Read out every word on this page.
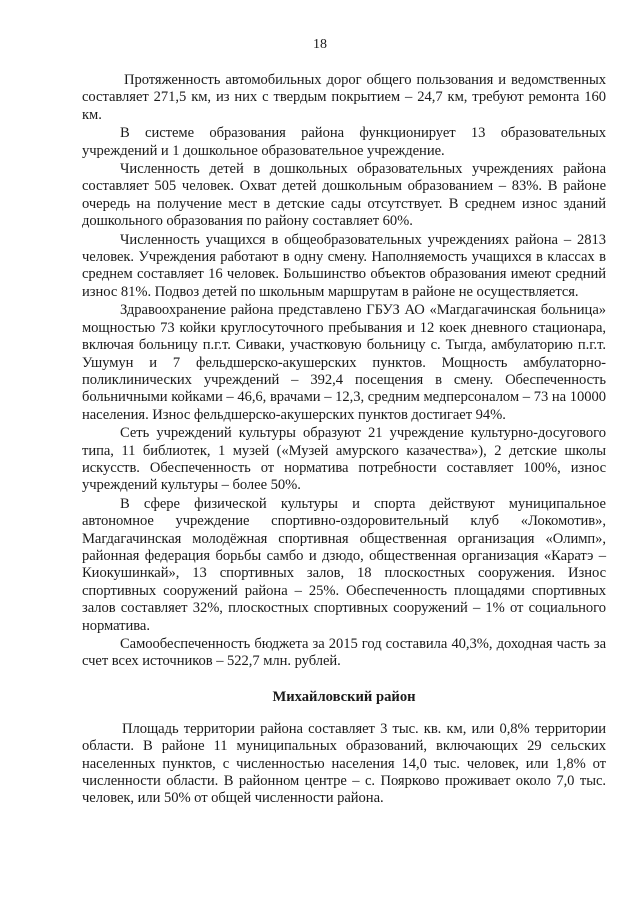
18

Протяженность автомобильных дорог общего пользования и ведомственных составляет 271,5 км, из них с твердым покрытием – 24,7 км, требуют ремонта 160 км.

В системе образования района функционирует 13 образовательных учреждений и 1 дошкольное образовательное учреждение.

Численность детей в дошкольных образовательных учреждениях района составляет 505 человек. Охват детей дошкольным образованием – 83%. В районе очередь на получение мест в детские сады отсутствует. В среднем износ зданий дошкольного образования по району составляет 60%.

Численность учащихся в общеобразовательных учреждениях района – 2813 человек. Учреждения работают в одну смену. Наполняемость учащихся в классах в среднем составляет 16 человек. Большинство объектов образования имеют средний износ 81%. Подвоз детей по школьным маршрутам в районе не осуществляется.

Здравоохранение района представлено ГБУЗ АО «Магдагачинская больница» мощностью 73 койки круглосуточного пребывания и 12 коек дневного стационара, включая больницу п.г.т. Сиваки, участковую больницу с. Тыгда, амбулаторию п.г.т. Ушумун и 7 фельдшерско-акушерских пунктов. Мощность амбулаторно-поликлинических учреждений – 392,4 посещения в смену. Обеспеченность больничными койками – 46,6, врачами – 12,3, средним медперсоналом – 73 на 10000 населения. Износ фельдшерско-акушерских пунктов достигает 94%.

Сеть учреждений культуры образуют 21 учреждение культурно-досугового типа, 11 библиотек, 1 музей («Музей амурского казачества»), 2 детские школы искусств. Обеспеченность от норматива потребности составляет 100%, износ учреждений культуры – более 50%.

В сфере физической культуры и спорта действуют муниципальное автономное учреждение спортивно-оздоровительный клуб «Локомотив», Магдагачинская молодёжная спортивная общественная организация «Олимп», районная федерация борьбы самбо и дзюдо, общественная организация «Каратэ – Киокушинкай», 13 спортивных залов, 18 плоскостных сооружения. Износ спортивных сооружений района – 25%. Обеспеченность площадями спортивных залов составляет 32%, плоскостных спортивных сооружений – 1% от социального норматива.

Самообеспеченность бюджета за 2015 год составила 40,3%, доходная часть за счет всех источников – 522,7 млн. рублей.

Михайловский район

Площадь территории района составляет 3 тыс. кв. км, или 0,8% территории области. В районе 11 муниципальных образований, включающих 29 сельских населенных пунктов, с численностью населения 14,0 тыс. человек, или 1,8% от численности области. В районном центре – с. Поярково проживает около 7,0 тыс. человек, или 50% от общей численности района.
